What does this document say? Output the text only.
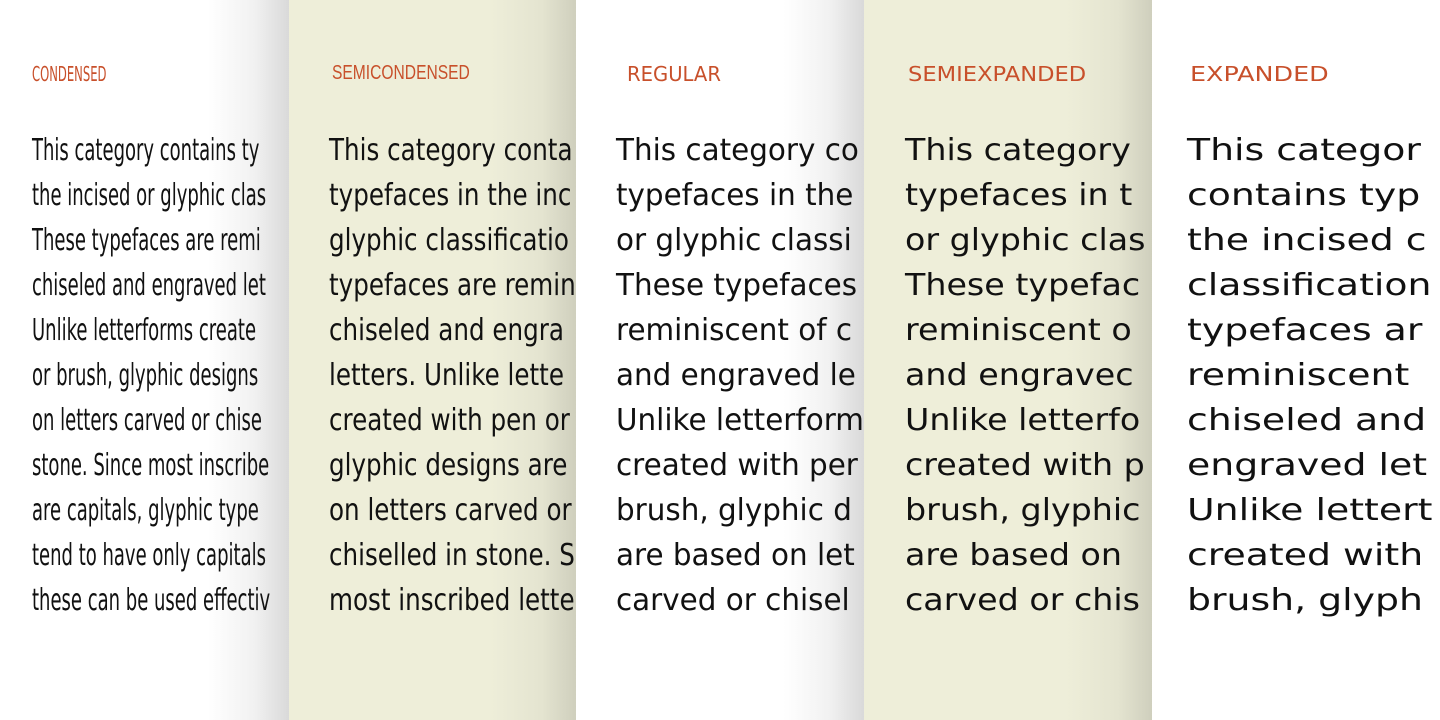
CONDENSED

This category contains ty
the incised or glyphic clas
These typefaces are remi
chiseled and engraved let
Unlike letterforms create
or brush, glyphic designs
on letters carved or chise
stone. Since most inscribe
are capitals, glyphic type
tend to have only capitals
these can be used effectiv

SEMICONDENSED

This category conta
typefaces in the inc
glyphic classificatio
typefaces are remin
chiseled and engra
letters. Unlike lette
created with pen or
glyphic designs are
on letters carved or
chiselled in stone. S
most inscribed lette

REGULAR

This category co
typefaces in the
or glyphic classi
These typefaces
reminiscent of c
and engraved le
Unlike letterform
created with per
brush, glyphic d
are based on let
carved or chisel

SEMIEXPANDED

This category
typefaces in t
or glyphic clas
These typefac
reminiscent o
and engravec
Unlike letterfo
created with p
brush, glyphic
are based on
carved or chis

EXPANDED

This categor
contains typ
the incised c
classification
typefaces ar
reminiscent
chiseled and
engraved let
Unlike lettert
created with
brush, glyph
